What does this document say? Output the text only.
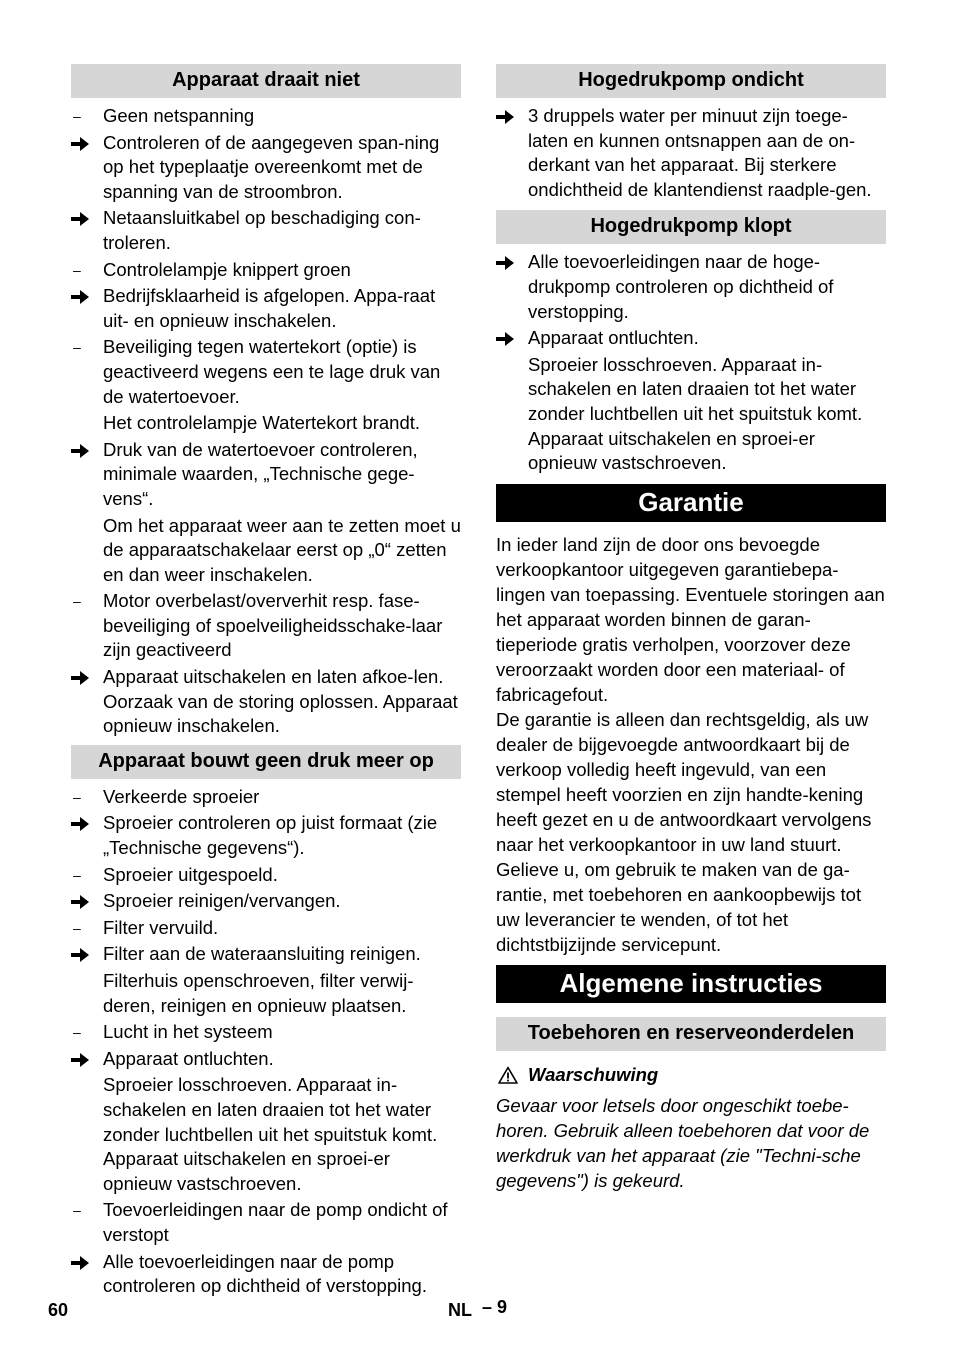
Apparaat draait niet
–	Geen netspanning
Controleren of de aangegeven span-ning op het typeplaatje overeenkomt met de spanning van de stroombron.
Netaansluitkabel op beschadiging con-troleren.
–	Controlelampje knippert groen
Bedrijfsklaarheid is afgelopen. Appa-raat uit- en opnieuw inschakelen.
–	Beveiliging tegen watertekort (optie) is geactiveerd wegens een te lage druk van de watertoevoer.
Het controlelampje Watertekort brandt.
Druk van de watertoevoer controleren, minimale waarden, „Technische gege-vens“.
Om het apparaat weer aan te zetten moet u de apparaatschakelaar eerst op „0“ zetten en dan weer inschakelen.
–	Motor overbelast/oververhit resp. fase-beveiliging of spoelveiligheidsschake-laar zijn geactiveerd
Apparaat uitschakelen en laten afkoe-len. Oorzaak van de storing oplossen. Apparaat opnieuw inschakelen.
Apparaat bouwt geen druk meer op
–	Verkeerde sproeier
Sproeier controleren op juist formaat (zie „Technische gegevens“).
–	Sproeier uitgespoeld.
Sproeier reinigen/vervangen.
–	Filter vervuild.
Filter aan de wateraansluiting reinigen.
Filterhuis openschroeven, filter verwij-deren, reinigen en opnieuw plaatsen.
–	Lucht in het systeem
Apparaat ontluchten.
Sproeier losschroeven. Apparaat in-schakelen en laten draaien tot het water zonder luchtbellen uit het spuitstuk komt. Apparaat uitschakelen en sproei-er opnieuw vastschroeven.
–	Toevoerleidingen naar de pomp ondicht of verstopt
Alle toevoerleidingen naar de pomp controleren op dichtheid of verstopping.
Hogedrukpomp ondicht
3 druppels water per minuut zijn toege-laten en kunnen ontsnappen aan de on-derkant van het apparaat. Bij sterkere ondichtheid de klantendienst raadple-gen.
Hogedrukpomp klopt
Alle toevoerleidingen naar de hoge-drukpomp controleren op dichtheid of verstopping.
Apparaat ontluchten.
Sproeier losschroeven. Apparaat in-schakelen en laten draaien tot het water zonder luchtbellen uit het spuitstuk komt. Apparaat uitschakelen en sproei-er opnieuw vastschroeven.
Garantie
In ieder land zijn de door ons bevoegde verkoopkantoor uitgegeven garantiebepa-lingen van toepassing. Eventuele storingen aan het apparaat worden binnen de garan-tieperiode gratis verholpen, voorzover deze veroorzaakt worden door een materiaal- of fabricagefout.
De garantie is alleen dan rechtsgeldig, als uw dealer de bijgevoegde antwoordkaart bij de verkoop volledig heeft ingevuld, van een stempel heeft voorzien en zijn handte-kening heeft gezet en u de antwoordkaart vervolgens naar het verkoopkantoor in uw land stuurt.
Gelieve u, om gebruik te maken van de ga-rantie, met toebehoren en aankoopbewijs tot uw leverancier te wenden, of tot het dichtstbijzijnde servicepunt.
Algemene instructies
Toebehoren en reserveonderdelen
Waarschuwing
Gevaar voor letsels door ongeschikt toebe-horen. Gebruik alleen toebehoren dat voor de werkdruk van het apparaat (zie "Techni-sche gegevens") is gekeurd.
60	NL – 9
